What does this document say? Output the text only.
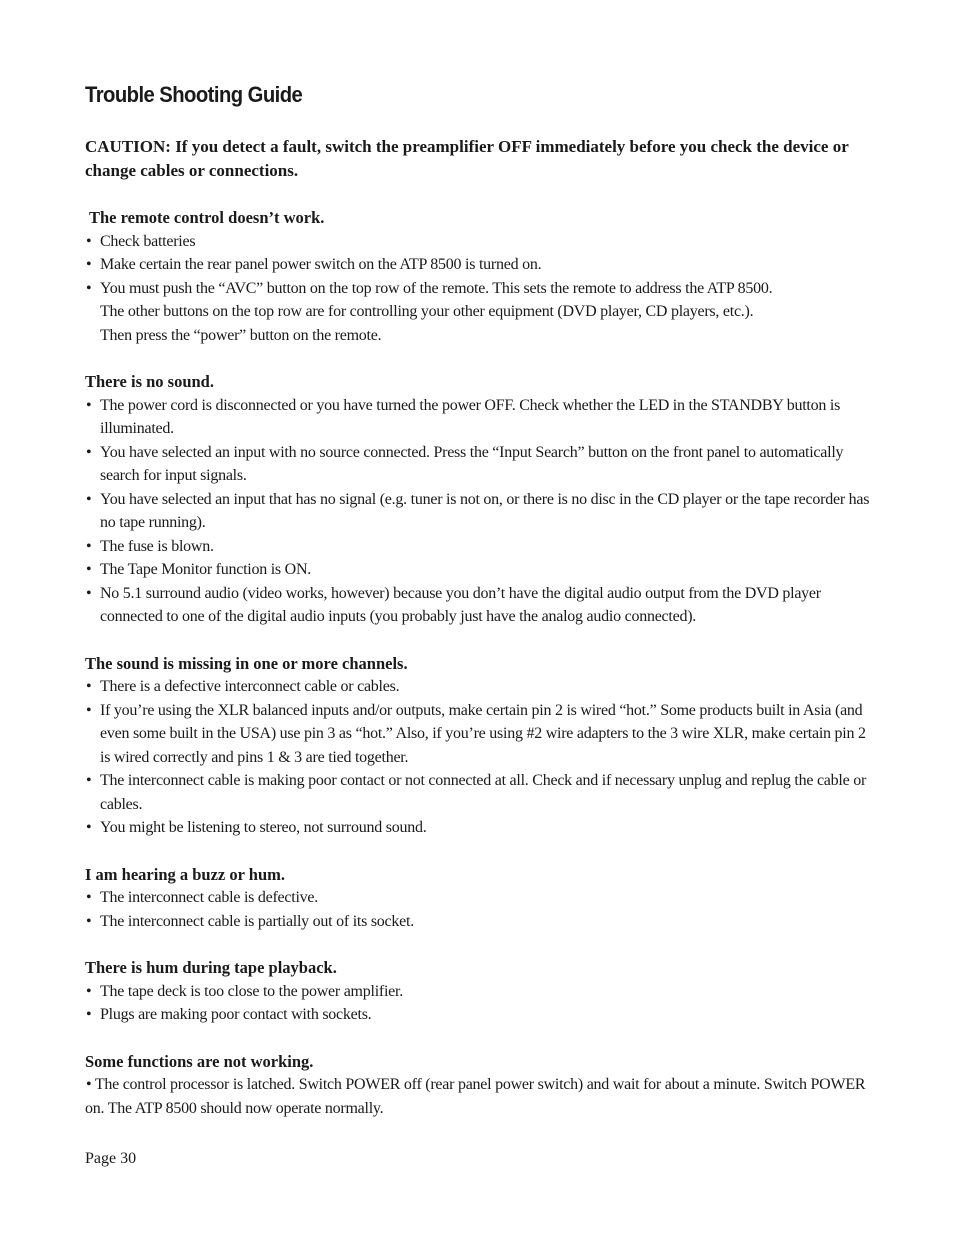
Trouble Shooting Guide

CAUTION: If you detect a fault, switch the preamplifier OFF immediately before you check the device or change cables or connections.

The remote control doesn’t work.

• Check batteries
• Make certain the rear panel power switch on the ATP 8500 is turned on.
• You must push the “AVC” button on the top row of the remote. This sets the remote to address the ATP 8500.
The other buttons on the top row are for controlling your other equipment (DVD player, CD players, etc.).
Then press the “power” button on the remote.

There is no sound.

• The power cord is disconnected or you have turned the power OFF. Check whether the LED in the STANDBY button is illuminated.
• You have selected an input with no source connected. Press the “Input Search” button on the front panel to automatically search for input signals.
• You have selected an input that has no signal (e.g. tuner is not on, or there is no disc in the CD player or the tape recorder has no tape running).
• The fuse is blown.
• The Tape Monitor function is ON.
• No 5.1 surround audio (video works, however) because you don’t have the digital audio output from the DVD player connected to one of the digital audio inputs (you probably just have the analog audio connected).

The sound is missing in one or more channels.

• There is a defective interconnect cable or cables.
• If you’re using the XLR balanced inputs and/or outputs, make certain pin 2 is wired “hot.” Some products built in Asia (and even some built in the USA) use pin 3 as “hot.” Also, if you’re using #2 wire adapters to the 3 wire XLR, make certain pin 2 is wired correctly and pins 1 & 3 are tied together.
• The interconnect cable is making poor contact or not connected at all. Check and if necessary unplug and replug the cable or cables.
• You might be listening to stereo, not surround sound.

I am hearing a buzz or hum.

• The interconnect cable is defective.
• The interconnect cable is partially out of its socket.

There is hum during tape playback.

• The tape deck is too close to the power amplifier.
• Plugs are making poor contact with sockets.

Some functions are not working.

• The control processor is latched. Switch POWER off (rear panel power switch) and wait for about a minute. Switch POWER on. The ATP 8500 should now operate normally.

Page 30
